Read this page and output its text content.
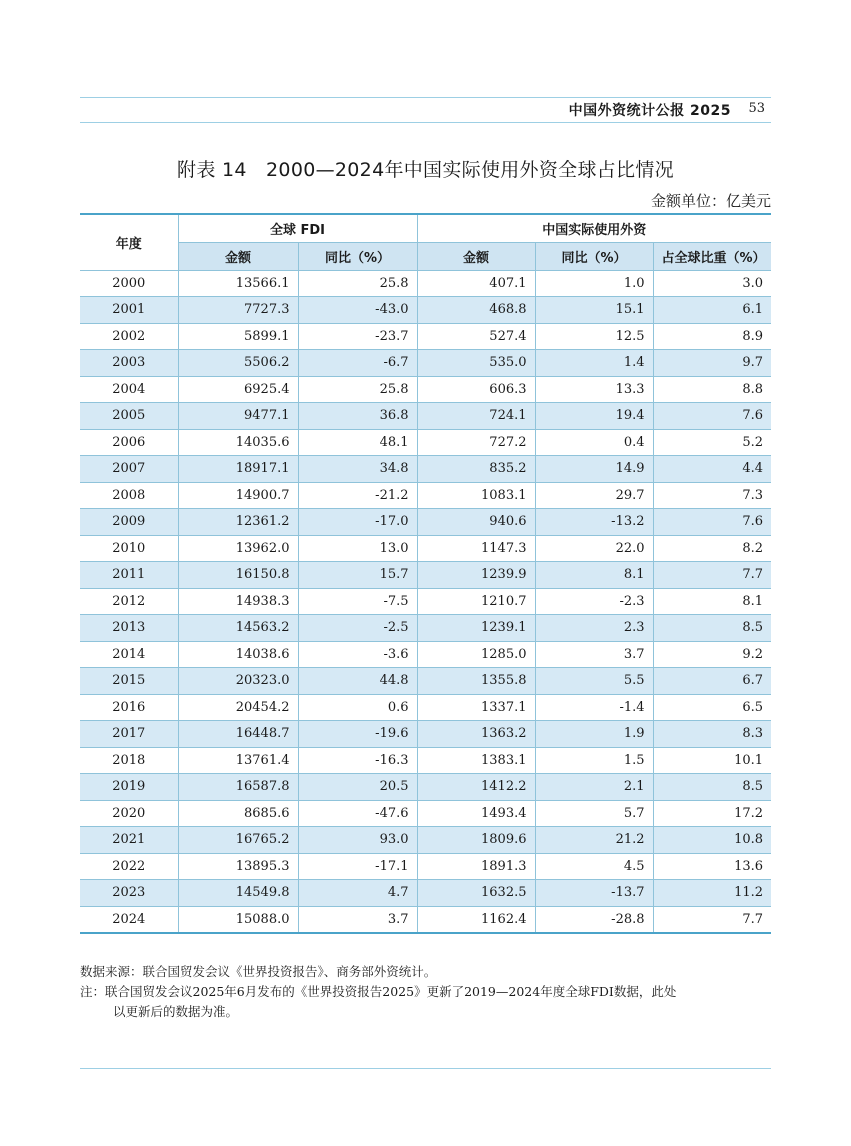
中国外资统计公报 2025 53
附表 14　2000—2024年中国实际使用外资全球占比情况
金额单位：亿美元
年度	全球 FDI		中国实际使用外资		
	金额	同比（%）	金额	同比（%）	占全球比重（%）
2000	13566.1	25.8	407.1	1.0	3.0
2001	7727.3	-43.0	468.8	15.1	6.1
2002	5899.1	-23.7	527.4	12.5	8.9
2003	5506.2	-6.7	535.0	1.4	9.7
2004	6925.4	25.8	606.3	13.3	8.8
2005	9477.1	36.8	724.1	19.4	7.6
2006	14035.6	48.1	727.2	0.4	5.2
2007	18917.1	34.8	835.2	14.9	4.4
2008	14900.7	-21.2	1083.1	29.7	7.3
2009	12361.2	-17.0	940.6	-13.2	7.6
2010	13962.0	13.0	1147.3	22.0	8.2
2011	16150.8	15.7	1239.9	8.1	7.7
2012	14938.3	-7.5	1210.7	-2.3	8.1
2013	14563.2	-2.5	1239.1	2.3	8.5
2014	14038.6	-3.6	1285.0	3.7	9.2
2015	20323.0	44.8	1355.8	5.5	6.7
2016	20454.2	0.6	1337.1	-1.4	6.5
2017	16448.7	-19.6	1363.2	1.9	8.3
2018	13761.4	-16.3	1383.1	1.5	10.1
2019	16587.8	20.5	1412.2	2.1	8.5
2020	8685.6	-47.6	1493.4	5.7	17.2
2021	16765.2	93.0	1809.6	21.2	10.8
2022	13895.3	-17.1	1891.3	4.5	13.6
2023	14549.8	4.7	1632.5	-13.7	11.2
2024	15088.0	3.7	1162.4	-28.8	7.7

数据来源：联合国贸发会议《世界投资报告》、商务部外资统计。

注：联合国贸发会议2025年6月发布的《世界投资报告2025》更新了2019—2024年度全球FDI数据，此处

以更新后的数据为准。
